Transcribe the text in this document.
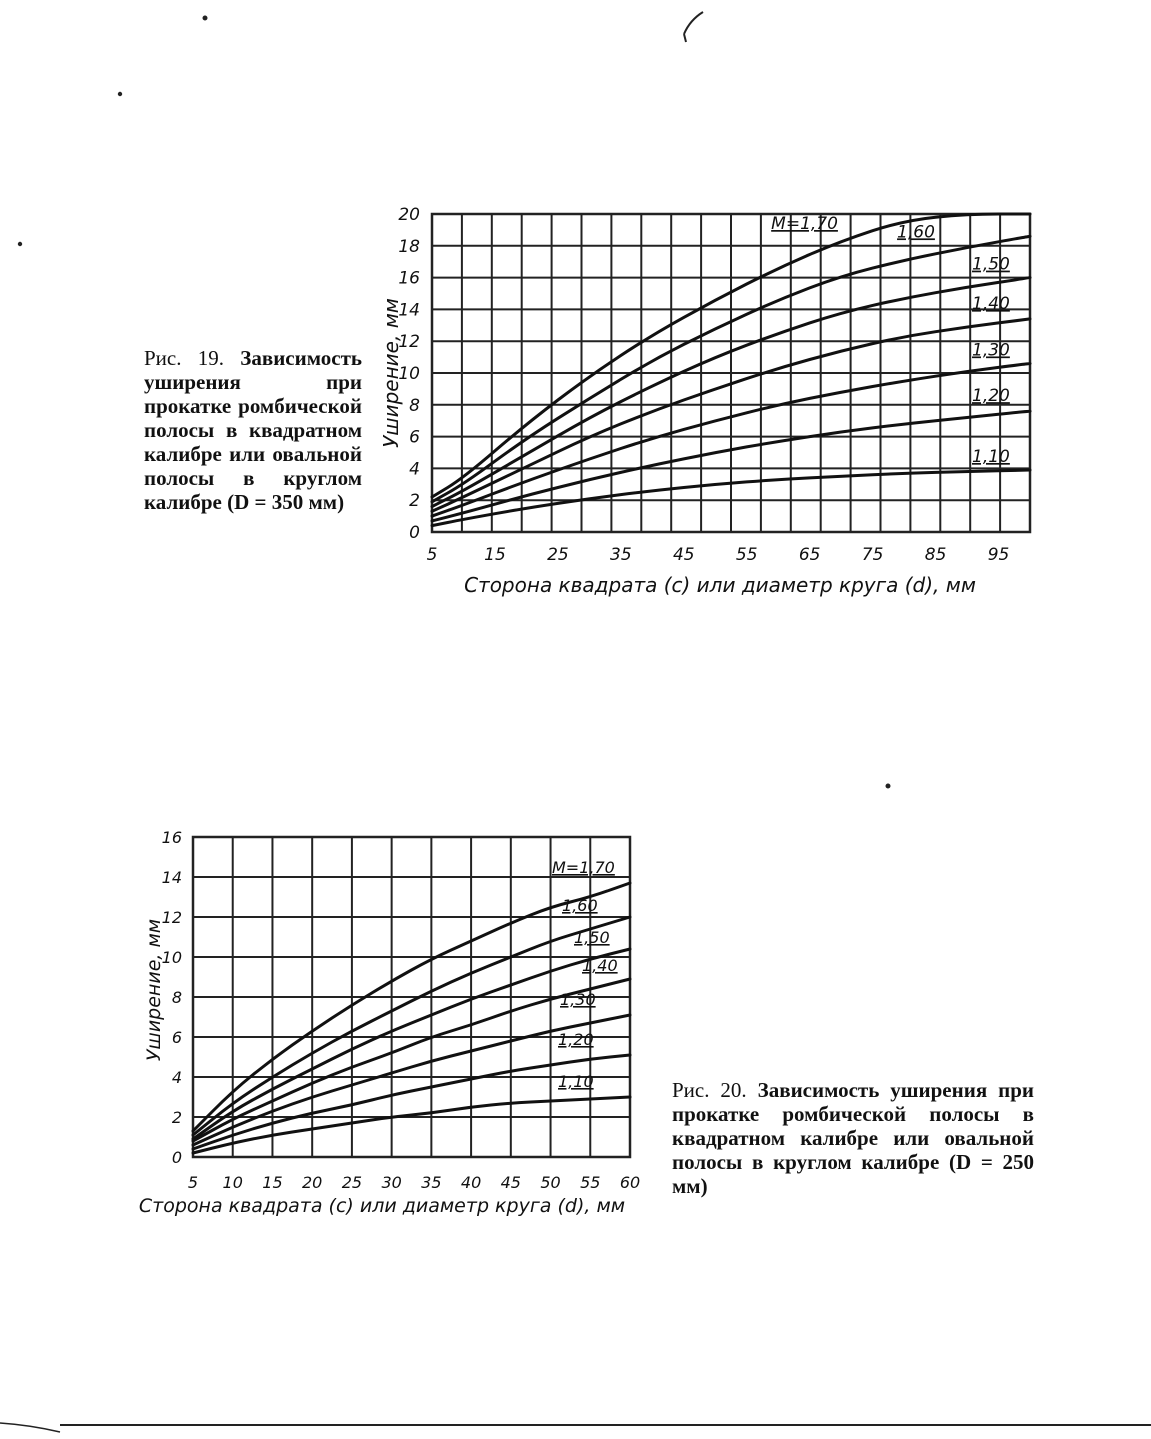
0
2
4
6
8
10
12
14
16
18
20
5	15 25 35 45 55 65 75 85 95
Сторона квадрата (c) или диаметр круга (d), мм
Уширение, мм
M=1,70	1,60
1,50
1,40
1,30
1,20
1,10
0
2
4
6
8
10
12
14
16
5 10 15 20 25 30 35 40 45 50 55 60
Сторона квадрата (c) или диаметр круга (d), мм
Уширение, мм
M=1,70
1,60
1,50
1,40
1,30
1,20
1,10
Рис. 19. Зависимость уширения при прокатке ромбической полосы в квадратном калибре или овальной полосы в круглом калибре (D = 350 мм)
Рис. 20. Зависимость уширения при прокатке ромбической полосы в квадратном калибре или овальной полосы в круглом калибре (D = 250 мм)
